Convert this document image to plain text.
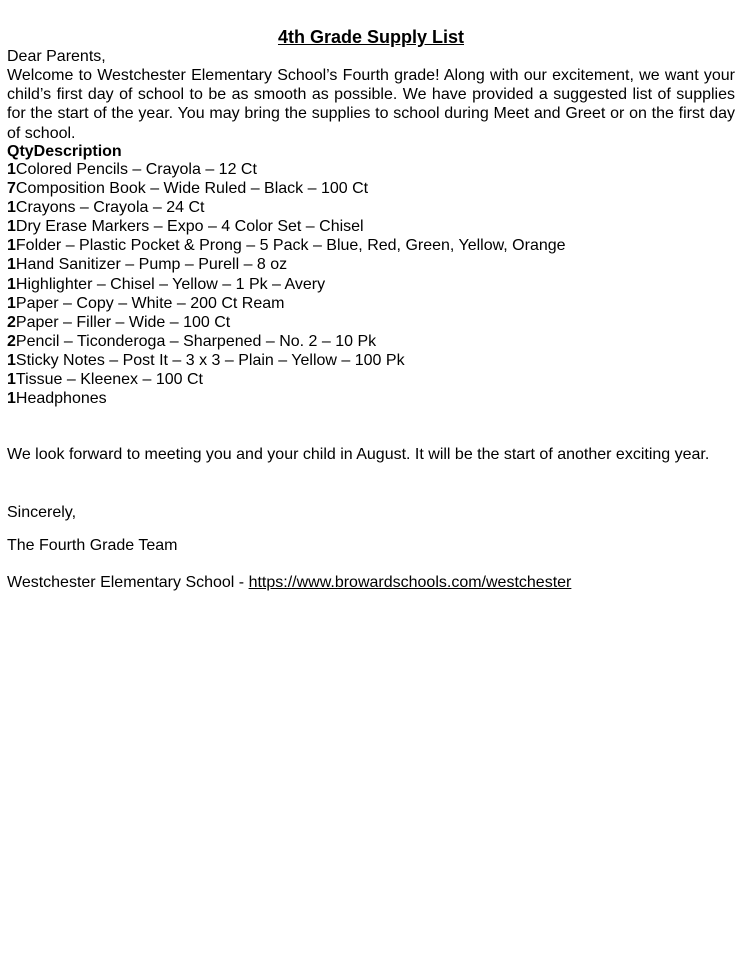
4th Grade Supply List

Dear Parents,

Welcome to Westchester Elementary School’s Fourth grade! Along with our excitement, we want your child’s first day of school to be as smooth as possible. We have provided a suggested list of supplies for the start of the year. You may bring the supplies to school during Meet and Greet or on the first day of school.

QtyDescription

1Colored Pencils – Crayola – 12 Ct
7Composition Book – Wide Ruled – Black – 100 Ct
1Crayons – Crayola – 24 Ct
1Dry Erase Markers – Expo – 4 Color Set – Chisel
1Folder – Plastic Pocket & Prong – 5 Pack – Blue, Red, Green, Yellow, Orange
1Hand Sanitizer – Pump – Purell – 8 oz
1Highlighter – Chisel – Yellow – 1 Pk – Avery
1Paper – Copy – White – 200 Ct Ream
2Paper – Filler – Wide – 100 Ct
2Pencil – Ticonderoga – Sharpened – No. 2 – 10 Pk
1Sticky Notes – Post It – 3 x 3 – Plain – Yellow – 100 Pk
1Tissue – Kleenex – 100 Ct
1Headphones

We look forward to meeting you and your child in August. It will be the start of another exciting year.

Sincerely,

The Fourth Grade Team

Westchester Elementary School - https://www.browardschools.com/westchester
